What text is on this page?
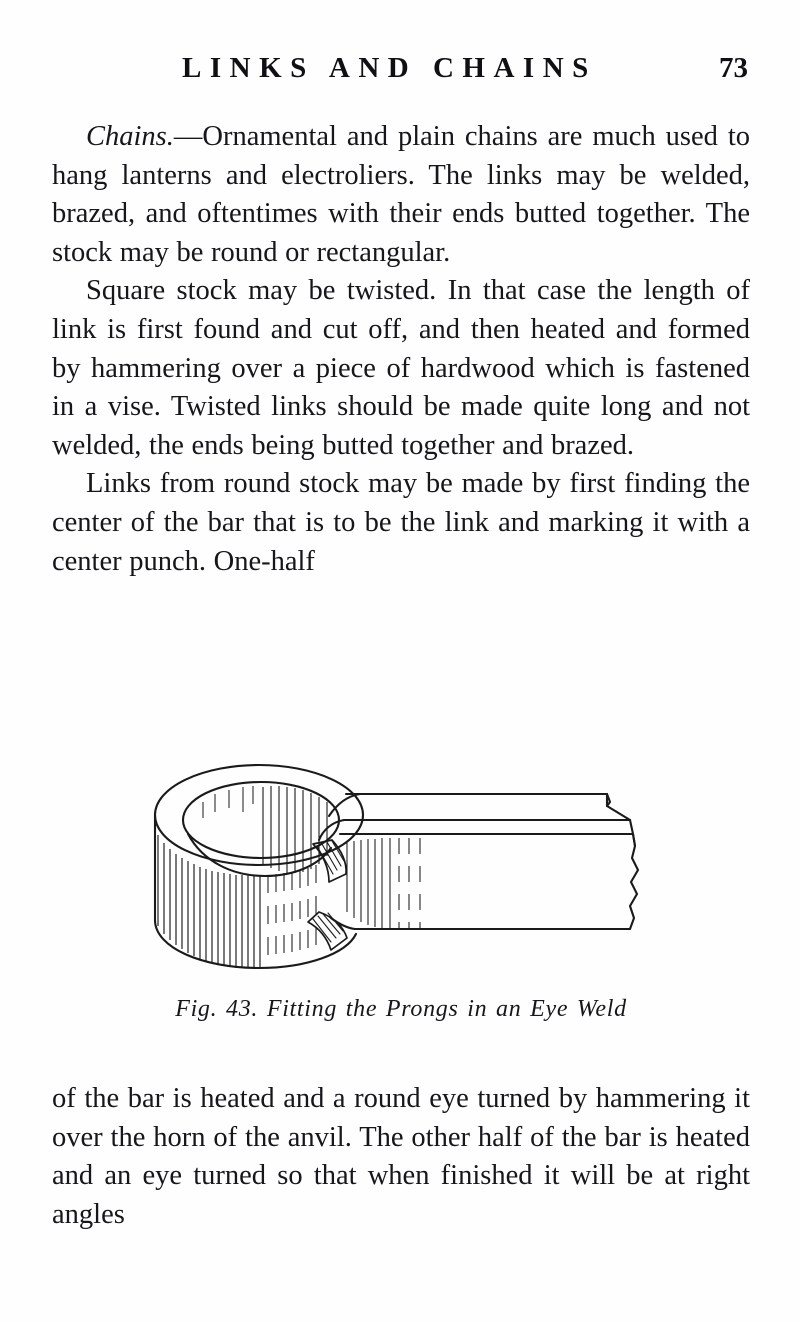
LINKS AND CHAINS	73

Chains.—Ornamental and plain chains are much used to hang lanterns and electroliers. The links may be welded, brazed, and oftentimes with their ends butted together. The stock may be round or rectangular.

Square stock may be twisted. In that case the length of link is first found and cut off, and then heated and formed by hammering over a piece of hardwood which is fastened in a vise. Twisted links should be made quite long and not welded, the ends being butted together and brazed.

Links from round stock may be made by first finding the center of the bar that is to be the link and marking it with a center punch. One-half

Fig. 43. Fitting the Prongs in an Eye Weld

of the bar is heated and a round eye turned by hammering it over the horn of the anvil. The other half of the bar is heated and an eye turned so that when finished it will be at right angles
